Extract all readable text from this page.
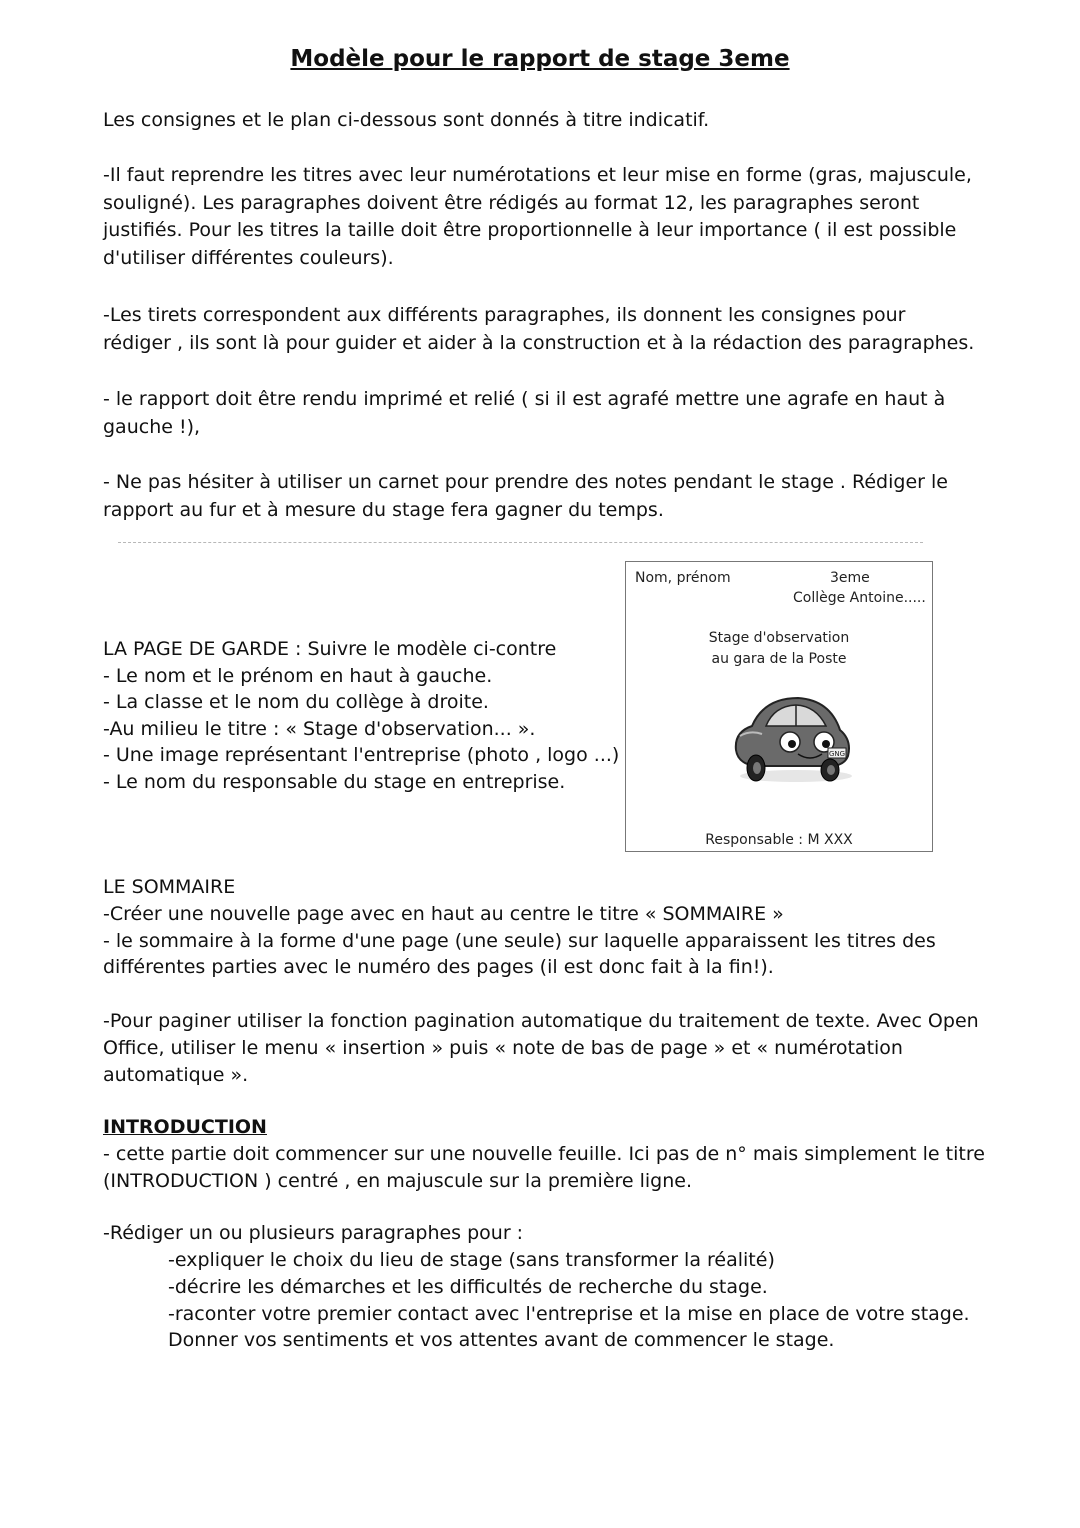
Modèle pour le rapport de stage 3eme
Les consignes et le plan ci-dessous sont donnés à titre indicatif.
-Il faut reprendre les titres avec leur numérotations et leur mise en forme (gras, majuscule,
souligné). Les paragraphes doivent être rédigés au format 12, les paragraphes seront
justifiés. Pour les titres la taille doit être proportionnelle à leur importance ( il est possible
d'utiliser différentes couleurs).
-Les tirets correspondent aux différents paragraphes, ils donnent les consignes pour
rédiger , ils sont là pour guider et aider à la construction et à la rédaction des paragraphes.
- le rapport doit être rendu imprimé et relié ( si il est agrafé mettre une agrafe en haut à
gauche !),
- Ne pas hésiter à utiliser un carnet pour prendre des notes pendant le stage . Rédiger le
rapport au fur et à mesure du stage fera gagner du temps.
LA PAGE DE GARDE : Suivre le modèle ci-contre
- Le nom et le prénom en haut à gauche.
- La classe et le nom du collège à droite.
-Au milieu le titre : « Stage d'observation... ».
- Une image représentant l'entreprise (photo , logo ...)
- Le nom du responsable du stage en entreprise.
Nom, prénom	3eme
Collège Antoine.....
Stage d'observation
au gara de la Poste
GNG
Responsable : M XXX
LE SOMMAIRE
-Créer une nouvelle page avec en haut au centre le titre « SOMMAIRE »
- le sommaire à la forme d'une page (une seule) sur laquelle apparaissent les titres des
différentes parties avec le numéro des pages (il est donc fait à la fin!).
-Pour paginer utiliser la fonction pagination automatique du traitement de texte. Avec Open
Office, utiliser le menu « insertion » puis « note de bas de page » et « numérotation
automatique ».
INTRODUCTION
- cette partie doit commencer sur une nouvelle feuille. Ici pas de n° mais simplement le titre
(INTRODUCTION ) centré , en majuscule sur la première ligne.
-Rédiger un ou plusieurs paragraphes pour :
-expliquer le choix du lieu de stage (sans transformer la réalité)
-décrire les démarches et les difficultés de recherche du stage.
-raconter votre premier contact avec l'entreprise et la mise en place de votre stage.
Donner vos sentiments et vos attentes avant de commencer le stage.
